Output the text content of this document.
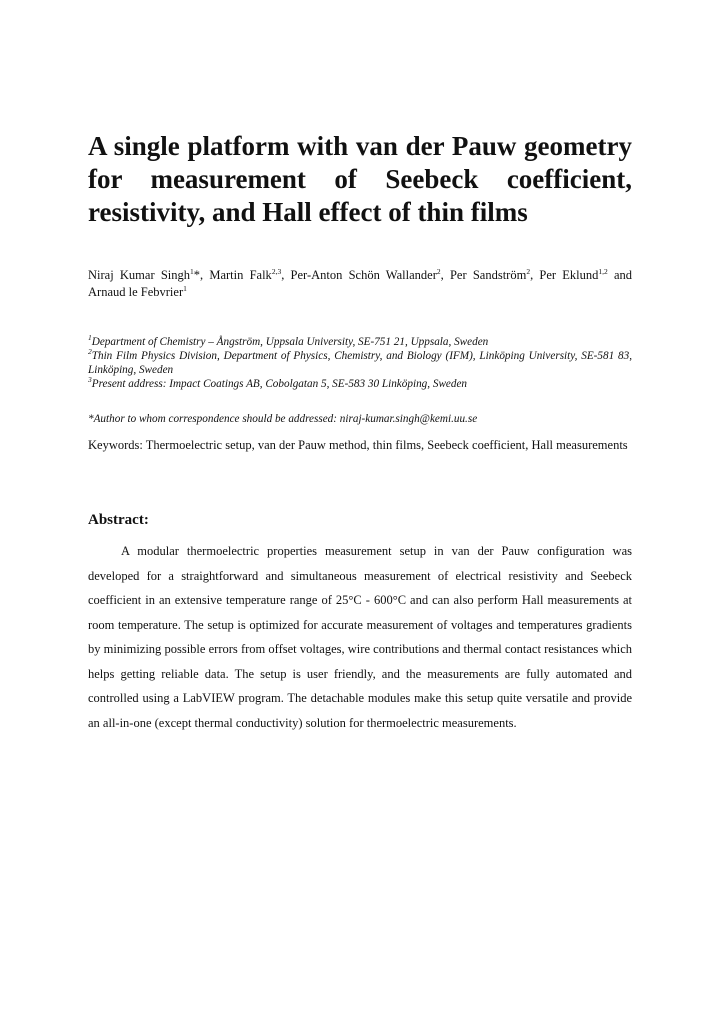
A single platform with van der Pauw geometry for measurement of Seebeck coefficient, resistivity, and Hall effect of thin films

Niraj Kumar Singh$^1$*, Martin Falk$^{2,3}$, Per-Anton Schön Wallander$^2$, Per Sandström$^2$, Per Eklund$^{1,2}$ and Arnaud le Febvrier$^1$

$^1$Department of Chemistry – Ångström, Uppsala University, SE-751 21, Uppsala, Sweden

$^2$Thin Film Physics Division, Department of Physics, Chemistry, and Biology (IFM), Linköping University, SE-581 83, Linköping, Sweden

$^3$Present address: Impact Coatings AB, Cobolgatan 5, SE-583 30 Linköping, Sweden

*Author to whom correspondence should be addressed: niraj-kumar.singh@kemi.uu.se

Keywords: Thermoelectric setup, van der Pauw method, thin films, Seebeck coefficient, Hall measurements

Abstract:

A modular thermoelectric properties measurement setup in van der Pauw configuration was developed for a straightforward and simultaneous measurement of electrical resistivity and Seebeck coefficient in an extensive temperature range of 25°C - 600°C and can also perform Hall measurements at room temperature. The setup is optimized for accurate measurement of voltages and temperatures gradients by minimizing possible errors from offset voltages, wire contributions and thermal contact resistances which helps getting reliable data. The setup is user friendly, and the measurements are fully automated and controlled using a LabVIEW program. The detachable modules make this setup quite versatile and provide an all-in-one (except thermal conductivity) solution for thermoelectric measurements.
